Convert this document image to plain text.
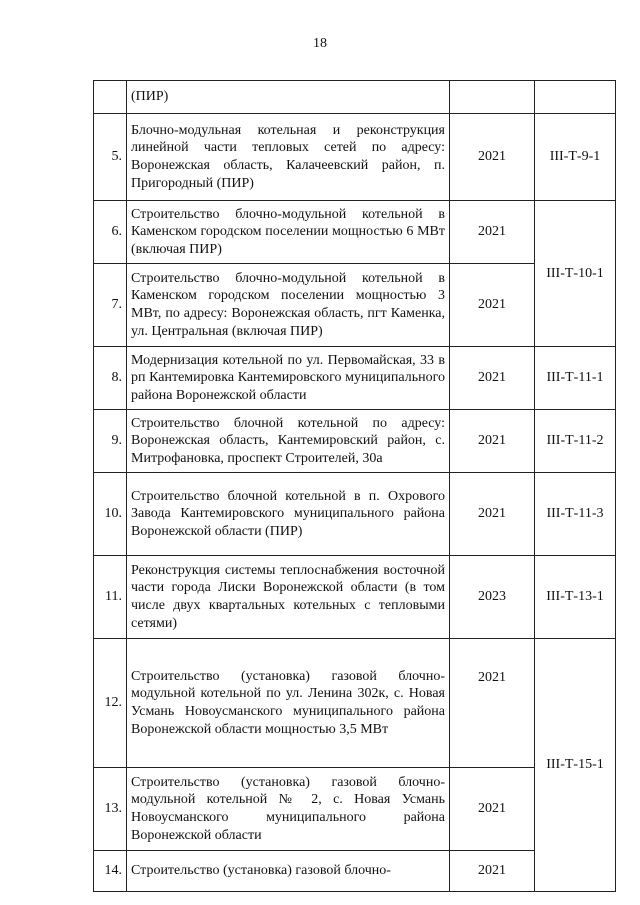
18
	(ПИР)		
5.	Блочно-модульная котельная и реконструкция линейной части тепловых сетей по адресу: Воронежская область, Калачеевский район, п. Пригородный (ПИР)	2021	III-Т-9-1
6.	Строительство блочно-модульной котельной в Каменском городском поселении мощностью 6 МВт (включая ПИР)	2021	III-Т-10-1
7.	Строительство блочно-модульной котельной в Каменском городском поселении мощностью 3 МВт, по адресу: Воронежская область, пгт Каменка, ул. Центральная (включая ПИР)	2021	
8.	Модернизация котельной по ул. Первомайская, 33 в рп Кантемировка Кантемировского муниципального района Воронежской области	2021	III-Т-11-1
9.	Строительство блочной котельной по адресу: Воронежская область, Кантемировский район, с. Митрофановка, проспект Строителей, 30а	2021	III-Т-11-2
10.	Строительство блочной котельной в п. Охрового Завода Кантемировского муниципального района Воронежской области (ПИР)	2021	III-Т-11-3
11.	Реконструкция системы теплоснабжения восточной части города Лиски Воронежской области (в том числе двух квартальных котельных с тепловыми сетями)	2023	III-Т-13-1
12.	Строительство (установка) газовой блочно-модульной котельной по ул. Ленина 302к, с. Новая Усмань Новоусманского муниципального района Воронежской области мощностью 3,5 МВт	2021	III-Т-15-1
13.	Строительство (установка) газовой блочно-модульной котельной № 2, с. Новая Усмань Новоусманского муниципального района Воронежской области	2021	
14.	Строительство (установка) газовой блочно-	2021	
